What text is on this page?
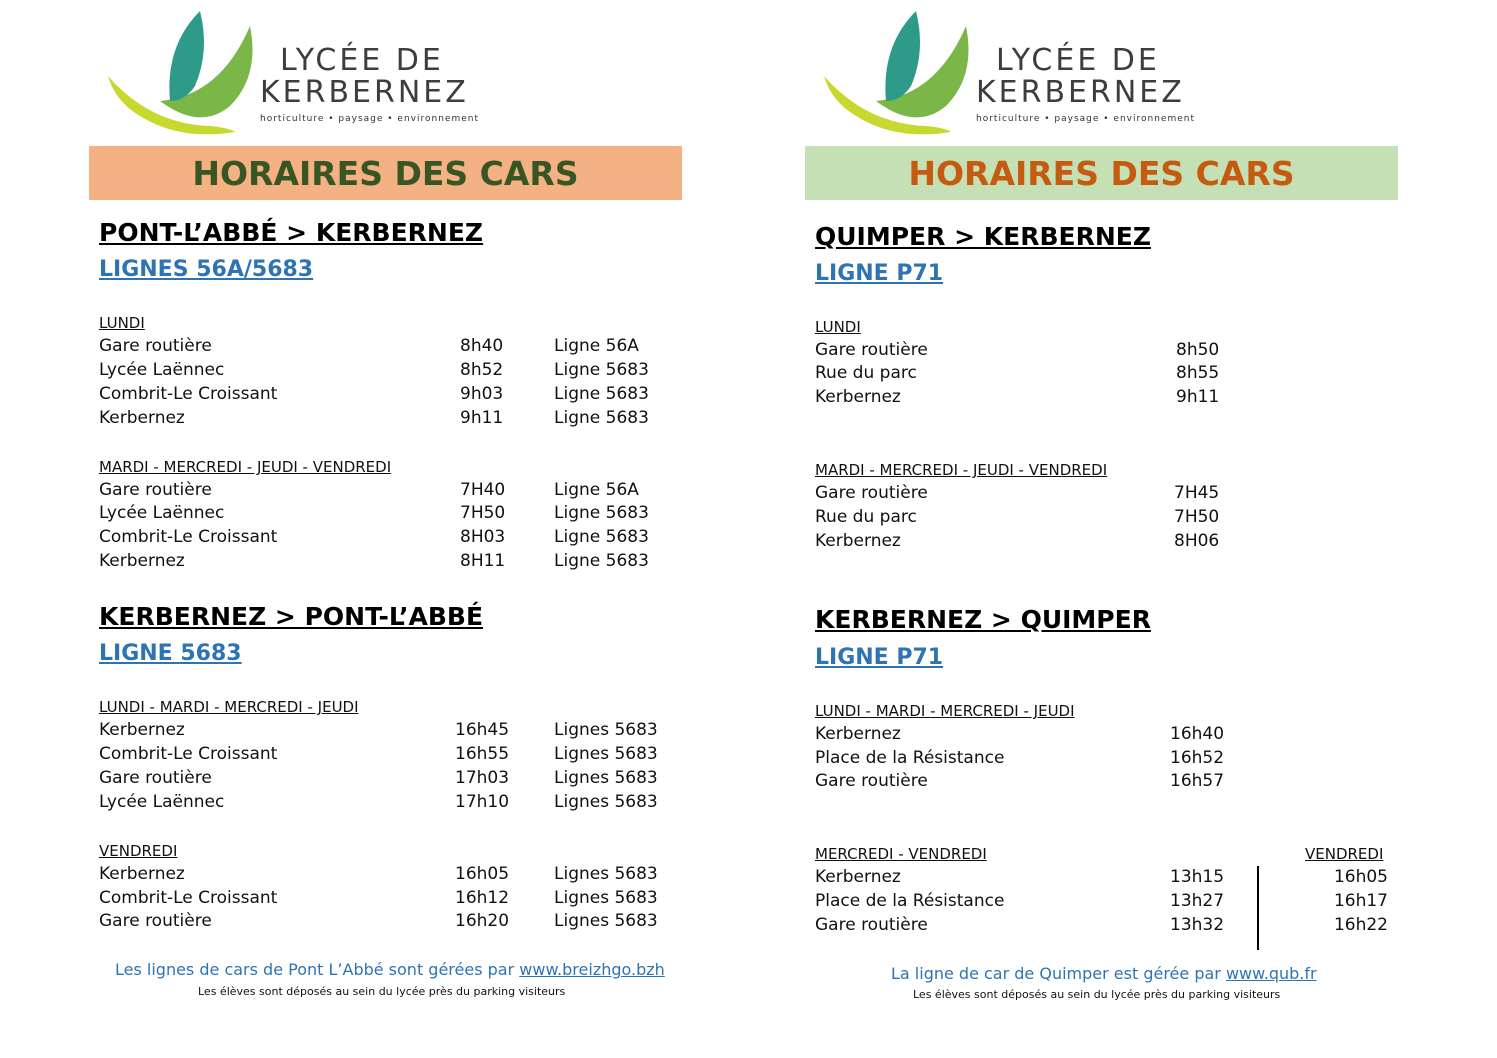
LYCÉE DE
KERBERNEZ
horticulture • paysage • environnement
HORAIRES DES CARS
PONT-L’ABBÉ > KERBERNEZ
LIGNES 56A/5683
LUNDI
Gare routière	8h40	Ligne 56A
Lycée Laënnec	8h52	Ligne 5683
Combrit-Le Croissant	9h03	Ligne 5683
Kerbernez	9h11	Ligne 5683
MARDI - MERCREDI - JEUDI - VENDREDI
Gare routière	7H40	Ligne 56A
Lycée Laënnec	7H50	Ligne 5683
Combrit-Le Croissant	8H03	Ligne 5683
Kerbernez	8H11	Ligne 5683
KERBERNEZ > PONT-L’ABBÉ
LIGNE 5683
LUNDI - MARDI - MERCREDI - JEUDI
Kerbernez	16h45	Lignes 5683
Combrit-Le Croissant	16h55	Lignes 5683
Gare routière	17h03	Lignes 5683
Lycée Laënnec	17h10	Lignes 5683
VENDREDI
Kerbernez	16h05	Lignes 5683
Combrit-Le Croissant	16h12	Lignes 5683
Gare routière	16h20	Lignes 5683
Les lignes de cars de Pont L’Abbé sont gérées par www.breizhgo.bzh
Les élèves sont déposés au sein du lycée près du parking visiteurs
LYCÉE DE
KERBERNEZ
horticulture • paysage • environnement
HORAIRES DES CARS
QUIMPER > KERBERNEZ
LIGNE P71
LUNDI
Gare routière	8h50
Rue du parc	8h55
Kerbernez	9h11
MARDI - MERCREDI - JEUDI - VENDREDI
Gare routière	7H45
Rue du parc	7H50
Kerbernez	8H06
KERBERNEZ > QUIMPER
LIGNE P71
LUNDI - MARDI - MERCREDI - JEUDI
Kerbernez	16h40
Place de la Résistance	16h52
Gare routière	16h57
MERCREDI - VENDREDI	VENDREDI
Kerbernez	13h15	16h05
Place de la Résistance	13h27	16h17
Gare routière	13h32	16h22
La ligne de car de Quimper est gérée par www.qub.fr
Les élèves sont déposés au sein du lycée près du parking visiteurs
